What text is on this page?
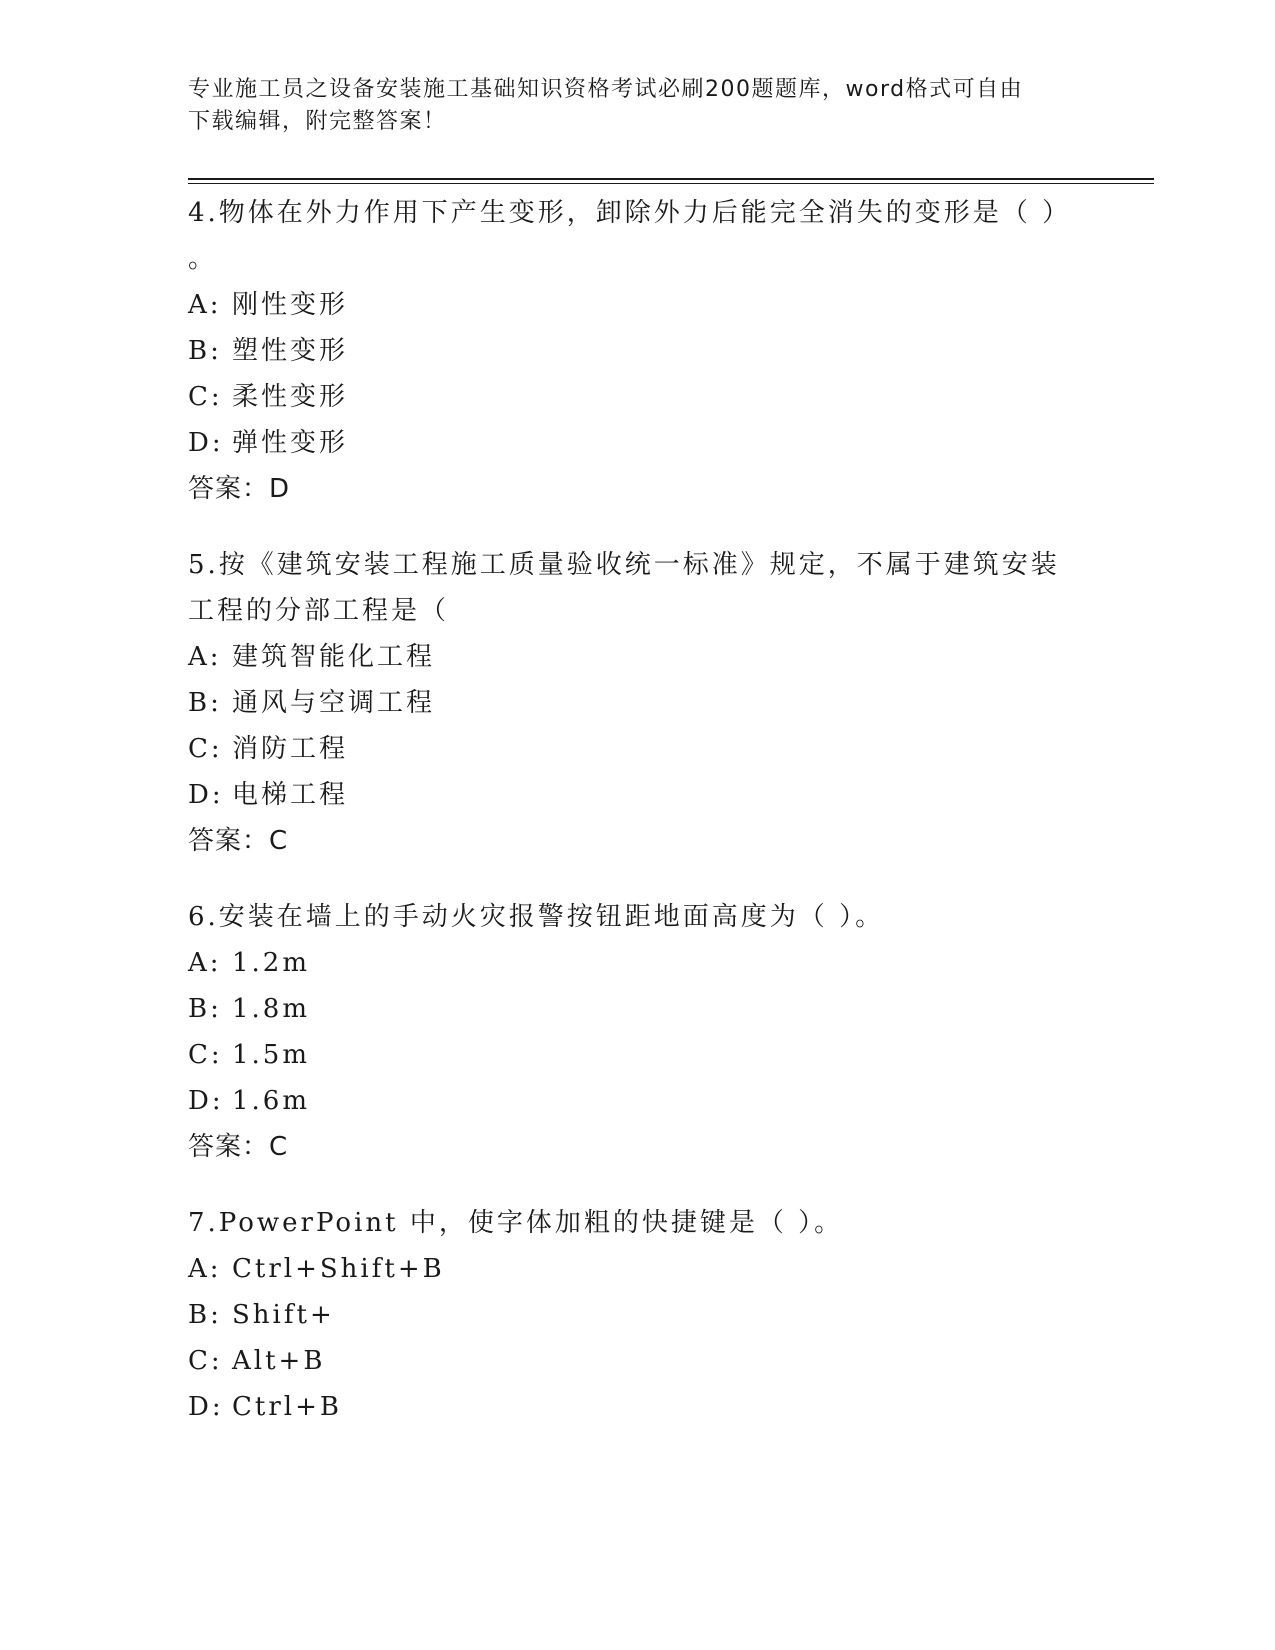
专业施工员之设备安装施工基础知识资格考试必刷200题题库，word格式可自由
下载编辑，附完整答案！
4.物体在外力作用下产生变形，卸除外力后能完全消失的变形是（ ）
。
A: 刚性变形
B: 塑性变形
C: 柔性变形
D: 弹性变形
答案：D
5.按《建筑安装工程施工质量验收统一标准》规定，不属于建筑安装
工程的分部工程是（
A: 建筑智能化工程
B: 通风与空调工程
C: 消防工程
D: 电梯工程
答案：C
6.安装在墙上的手动火灾报警按钮距地面高度为（ ）。
A: 1.2m
B: 1.8m
C: 1.5m
D: 1.6m
答案：C
7.PowerPoint 中，使字体加粗的快捷键是（ ）。
A: Ctrl+Shift+B
B: Shift+
C: Alt+B
D: Ctrl+B
